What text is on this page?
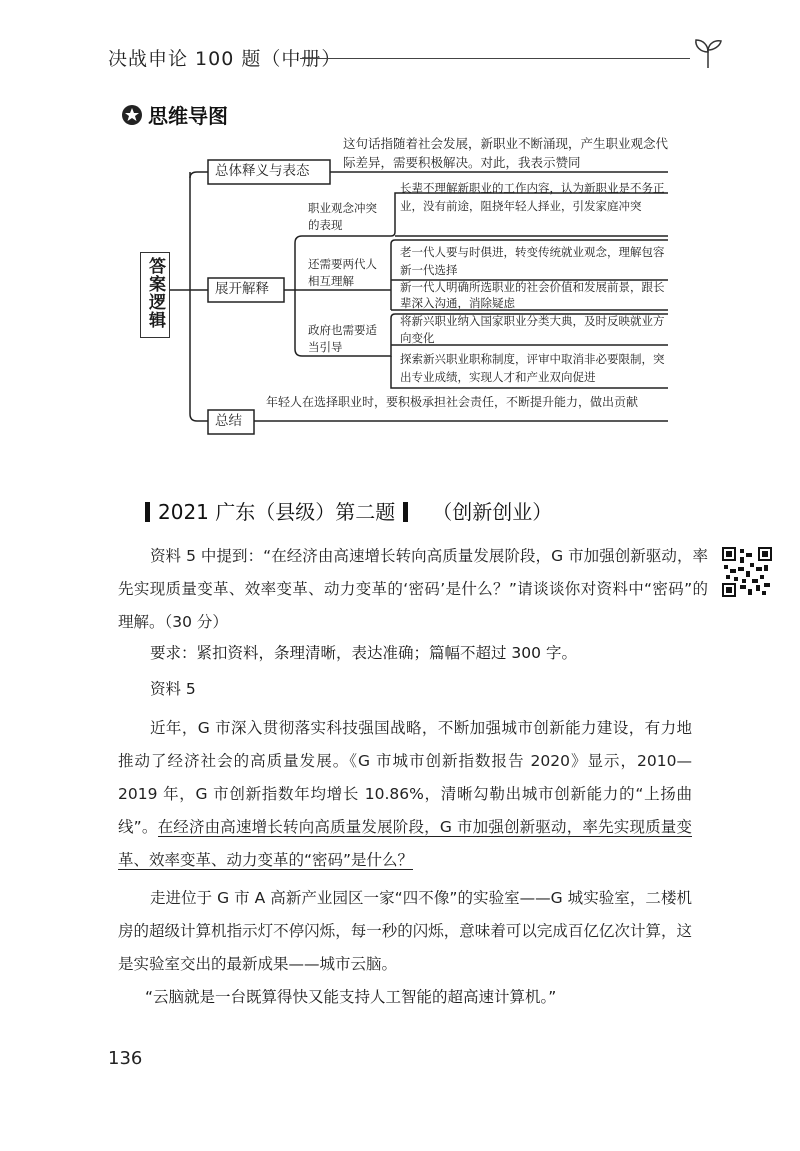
决战申论 100 题（中册）
思维导图
答案逻辑
总体释义与表态
展开解释
总结
这句话指随着社会发展，新职业不断涌现，产生职业观念代际差异，需要积极解决。对此，我表示赞同
职业观念冲突的表现
还需要两代人相互理解
政府也需要适当引导
长辈不理解新职业的工作内容，认为新职业是不务正业，没有前途，阻挠年轻人择业，引发家庭冲突
老一代人要与时俱进，转变传统就业观念，理解包容新一代选择
新一代人明确所选职业的社会价值和发展前景，跟长辈深入沟通，消除疑虑
将新兴职业纳入国家职业分类大典，及时反映就业方向变化
探索新兴职业职称制度，评审中取消非必要限制，突出专业成绩，实现人才和产业双向促进
年轻人在选择职业时，要积极承担社会责任，不断提升能力，做出贡献
2021 广东（县级）第二题 （创新创业）
资料 5 中提到：“在经济由高速增长转向高质量发展阶段，G 市加强创新驱动，率先实现质量变革、效率变革、动力变革的‘密码’是什么？”请谈谈你对资料中“密码”的理解。（30 分）
要求：紧扣资料，条理清晰，表达准确；篇幅不超过 300 字。
资料 5
近年，G 市深入贯彻落实科技强国战略，不断加强城市创新能力建设，有力地推动了经济社会的高质量发展。《G 市城市创新指数报告 2020》显示，2010—2019 年，G 市创新指数年均增长 10.86%，清晰勾勒出城市创新能力的“上扬曲线”。在经济由高速增长转向高质量发展阶段，G 市加强创新驱动，率先实现质量变革、效率变革、动力变革的“密码”是什么？
走进位于 G 市 A 高新产业园区一家“四不像”的实验室——G 城实验室，二楼机房的超级计算机指示灯不停闪烁，每一秒的闪烁，意味着可以完成百亿亿次计算，这是实验室交出的最新成果——城市云脑。
“云脑就是一台既算得快又能支持人工智能的超高速计算机。”
136
